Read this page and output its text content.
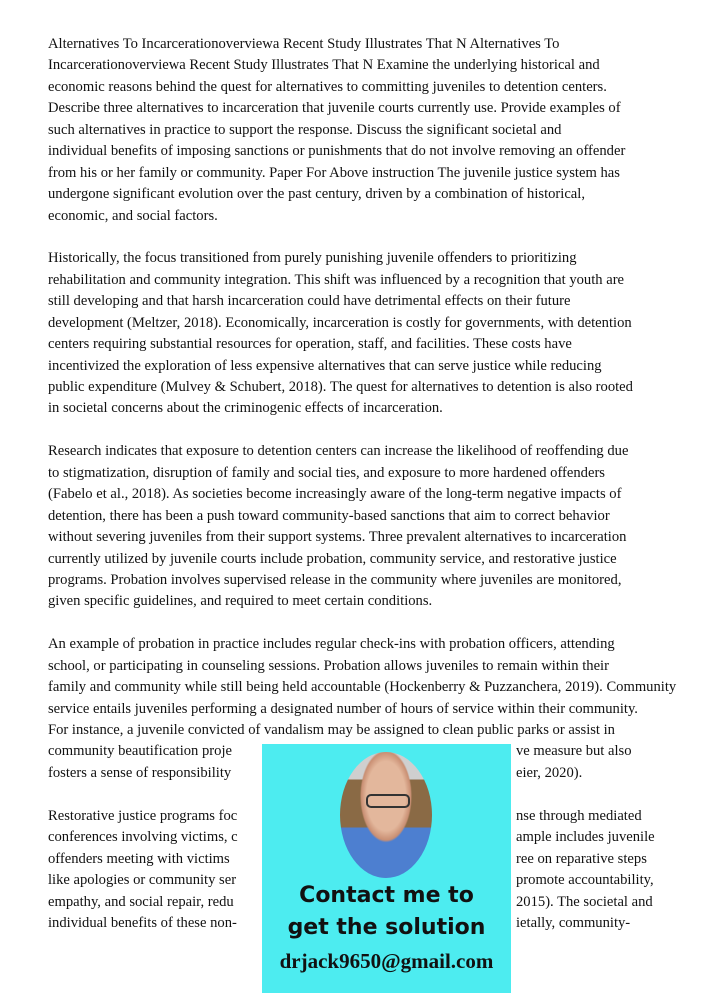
Alternatives To Incarcerationoverviewa Recent Study Illustrates That N Alternatives To
Incarcerationoverviewa Recent Study Illustrates That N Examine the underlying historical and
economic reasons behind the quest for alternatives to committing juveniles to detention centers.
Describe three alternatives to incarceration that juvenile courts currently use. Provide examples of
such alternatives in practice to support the response. Discuss the significant societal and
individual benefits of imposing sanctions or punishments that do not involve removing an offender
from his or her family or community. Paper For Above instruction The juvenile justice system has
undergone significant evolution over the past century, driven by a combination of historical,
economic, and social factors.
Historically, the focus transitioned from purely punishing juvenile offenders to prioritizing
rehabilitation and community integration. This shift was influenced by a recognition that youth are
still developing and that harsh incarceration could have detrimental effects on their future
development (Meltzer, 2018). Economically, incarceration is costly for governments, with detention
centers requiring substantial resources for operation, staff, and facilities. These costs have
incentivized the exploration of less expensive alternatives that can serve justice while reducing
public expenditure (Mulvey & Schubert, 2018). The quest for alternatives to detention is also rooted
in societal concerns about the criminogenic effects of incarceration.
Research indicates that exposure to detention centers can increase the likelihood of reoffending due
to stigmatization, disruption of family and social ties, and exposure to more hardened offenders
(Fabelo et al., 2018). As societies become increasingly aware of the long-term negative impacts of
detention, there has been a push toward community-based sanctions that aim to correct behavior
without severing juveniles from their support systems. Three prevalent alternatives to incarceration
currently utilized by juvenile courts include probation, community service, and restorative justice
programs. Probation involves supervised release in the community where juveniles are monitored,
given specific guidelines, and required to meet certain conditions.
An example of probation in practice includes regular check-ins with probation officers, attending
school, or participating in counseling sessions. Probation allows juveniles to remain within their
family and community while still being held accountable (Hockenberry & Puzzanchera, 2019). Community
service entails juveniles performing a designated number of hours of service within their community.
For instance, a juvenile convicted of vandalism may be assigned to clean public parks or assist in
community beautification proje	ve measure but also
fosters a sense of responsibility	eier, 2020).
Restorative justice programs foc	nse through mediated
conferences involving victims, c	ample includes juvenile
offenders meeting with victims	ree on reparative steps
like apologies or community ser	promote accountability,
empathy, and social repair, redu	2015). The societal and
individual benefits of these non-	ietally, community-
Contact me to
get the solution
drjack9650@gmail.com
